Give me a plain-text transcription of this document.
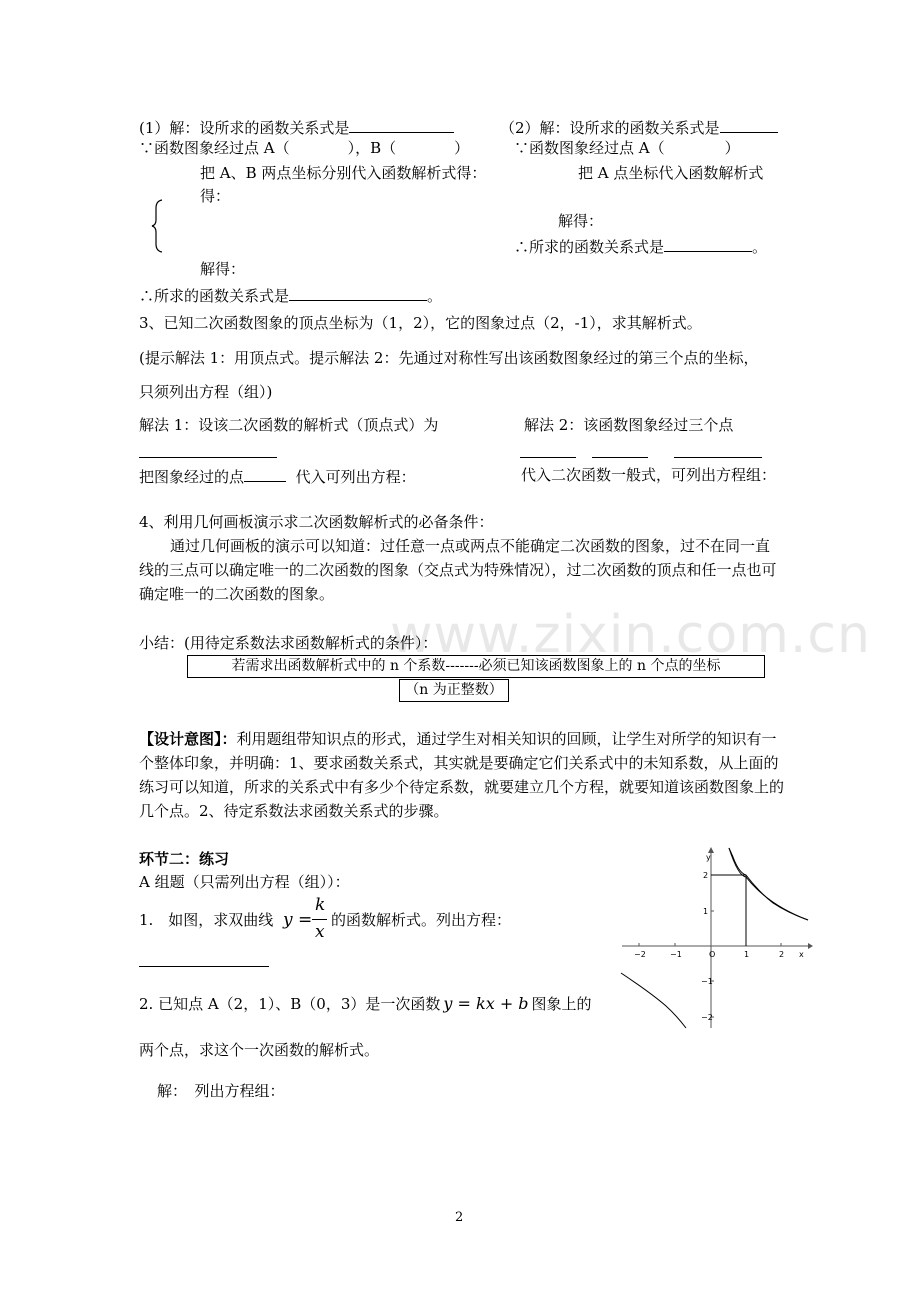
(1）解：设所求的函数关系式是	（2）解：设所求的函数关系式是
∵函数图象经过点 A（	），B（	）	∵函数图象经过点 A（	）
把 A、B 两点坐标分别代入函数解析式得：	把 A 点坐标代入函数解析式
得：
解得：
∴所求的函数关系式是	。
解得：
∴所求的函数关系式是	。
3、已知二次函数图象的顶点坐标为（1，2），它的图象过点（2，-1），求其解析式。
(提示解法 1：用顶点式。提示解法 2：先通过对称性写出该函数图象经过的第三个点的坐标，
只须列出方程（组）)
解法 1：设该二次函数的解析式（顶点式）为	解法 2：该函数图象经过三个点
把图象经过的点	代入可列出方程：	代入二次函数一般式，可列出方程组：
4、利用几何画板演示求二次函数解析式的必备条件：
通过几何画板的演示可以知道：过任意一点或两点不能确定二次函数的图象，过不在同一直线的三点可以确定唯一的二次函数的图象（交点式为特殊情况），过二次函数的顶点和任一点也可确定唯一的二次函数的图象。
www.zixin.com.cn
小结：(用待定系数法求函数解析式的条件）：
若需求出函数解析式中的 n 个系数-------必须已知该函数图象上的 n 个点的坐标
（n 为正整数）
【设计意图】：利用题组带知识点的形式，通过学生对相关知识的回顾，让学生对所学的知识有一个整体印象，并明确：1、要求函数关系式，其实就是要确定它们关系式中的未知系数，从上面的练习可以知道，所求的关系式中有多少个待定系数，就要建立几个方程，就要知道该函数图象上的几个点。2、待定系数法求函数关系式的步骤。
环节二：练习
A 组题（只需列出方程（组））：
1.　如图，求双曲线 y =
k
x
的函数解析式。列出方程：
2. 已知点 A（2，1）、B（0，3）是一次函数 y = kx + b 图象上的
两个点，求这个一次函数的解析式。
解：　列出方程组：
y
x
O
−2	−1	1	2
2
1
−1
−2
2
